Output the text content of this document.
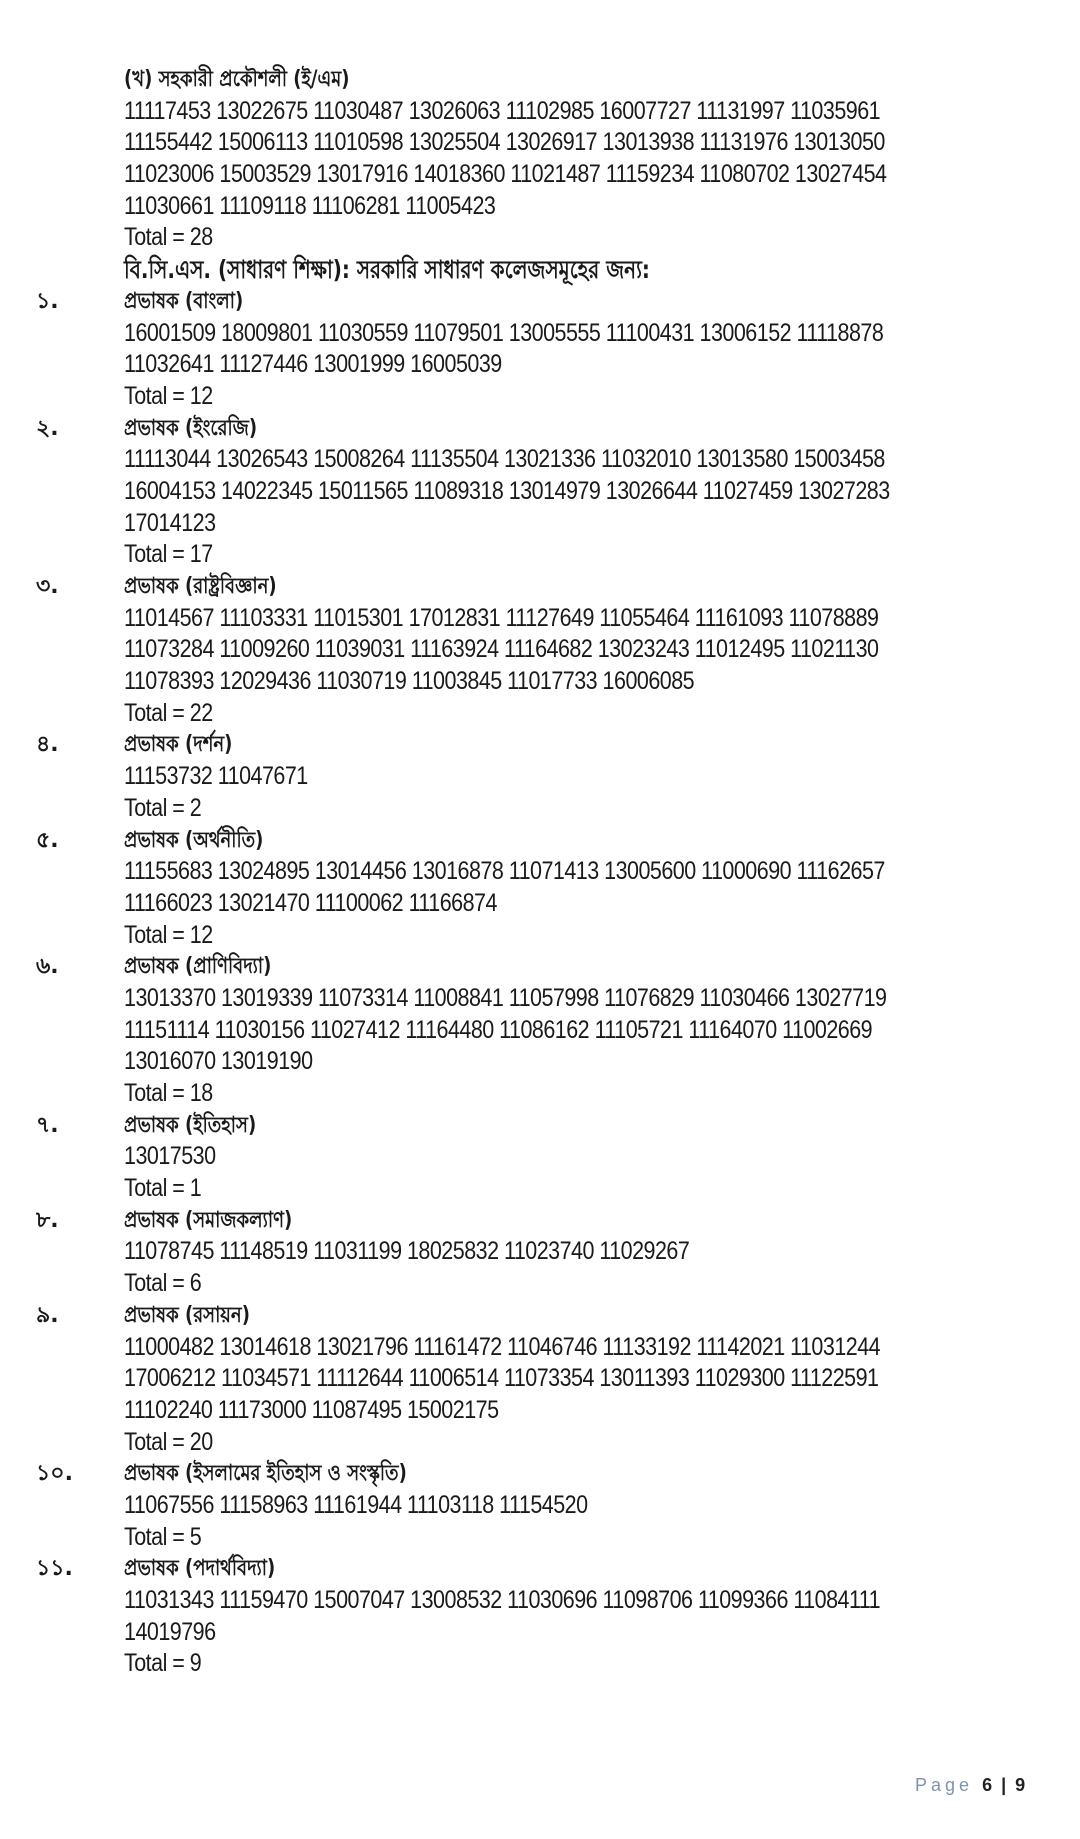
(খ) সহকারী প্রকৌশলী (ই/এম)
11117453 13022675 11030487 13026063 11102985 16007727 11131997 11035961
11155442 15006113 11010598 13025504 13026917 13013938 11131976 13013050
11023006 15003529 13017916 14018360 11021487 11159234 11080702 13027454
11030661 11109118 11106281 11005423
Total = 28
বি.সি.এস. (সাধারণ শিক্ষা): সরকারি সাধারণ কলেজসমূহের জন্য:
১.	প্রভাষক (বাংলা)
16001509 18009801 11030559 11079501 13005555 11100431 13006152 11118878
11032641 11127446 13001999 16005039
Total = 12
২.	প্রভাষক (ইংরেজি)
11113044 13026543 15008264 11135504 13021336 11032010 13013580 15003458
16004153 14022345 15011565 11089318 13014979 13026644 11027459 13027283
17014123
Total = 17
৩.	প্রভাষক (রাষ্ট্রবিজ্ঞান)
11014567 11103331 11015301 17012831 11127649 11055464 11161093 11078889
11073284 11009260 11039031 11163924 11164682 13023243 11012495 11021130
11078393 12029436 11030719 11003845 11017733 16006085
Total = 22
৪.	প্রভাষক (দর্শন)
11153732 11047671
Total = 2
৫.	প্রভাষক (অর্থনীতি)
11155683 13024895 13014456 13016878 11071413 13005600 11000690 11162657
11166023 13021470 11100062 11166874
Total = 12
৬.	প্রভাষক (প্রাণিবিদ্যা)
13013370 13019339 11073314 11008841 11057998 11076829 11030466 13027719
11151114 11030156 11027412 11164480 11086162 11105721 11164070 11002669
13016070 13019190
Total = 18
৭.	প্রভাষক (ইতিহাস)
13017530
Total = 1
৮.	প্রভাষক (সমাজকল্যাণ)
11078745 11148519 11031199 18025832 11023740 11029267
Total = 6
৯.	প্রভাষক (রসায়ন)
11000482 13014618 13021796 11161472 11046746 11133192 11142021 11031244
17006212 11034571 11112644 11006514 11073354 13011393 11029300 11122591
11102240 11173000 11087495 15002175
Total = 20
১০. প্রভাষক (ইসলামের ইতিহাস ও সংস্কৃতি)
11067556 11158963 11161944 11103118 11154520
Total = 5
১১. প্রভাষক (পদার্থবিদ্যা)
11031343 11159470 15007047 13008532 11030696 11098706 11099366 11084111
14019796
Total = 9
Page 6 | 9
